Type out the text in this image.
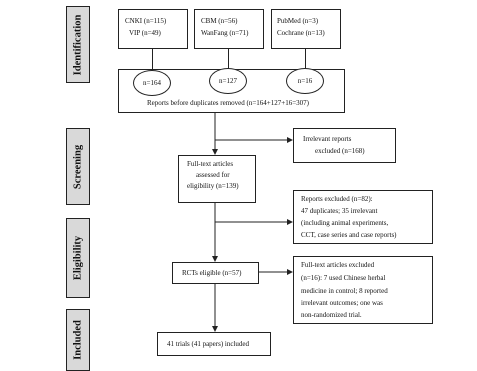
Identification
Screening
Eligibility
Included
CNKI (n=115)
VIP (n=49)
CBM (n=56)
WanFang (n=71)
PubMed (n=3)
Cochrane (n=13)
Reports before duplicates removed (n=164+127+16=307)
n=164	n=127	n=16
Irrelevant reports
excluded (n=168)
Full-text articles
assessed for
eligibility (n=139)
Reports excluded (n=82):
47 duplicates; 35 irrelevant
(including animal experiments,
CCT, case series and case reports)
RCTs eligible (n=57)
Full-text articles excluded
(n=16): 7 used Chinese herbal
medicine in control; 8 reported
irrelevant outcomes; one was
non-randomized trial.
41 trials (41 papers) included
